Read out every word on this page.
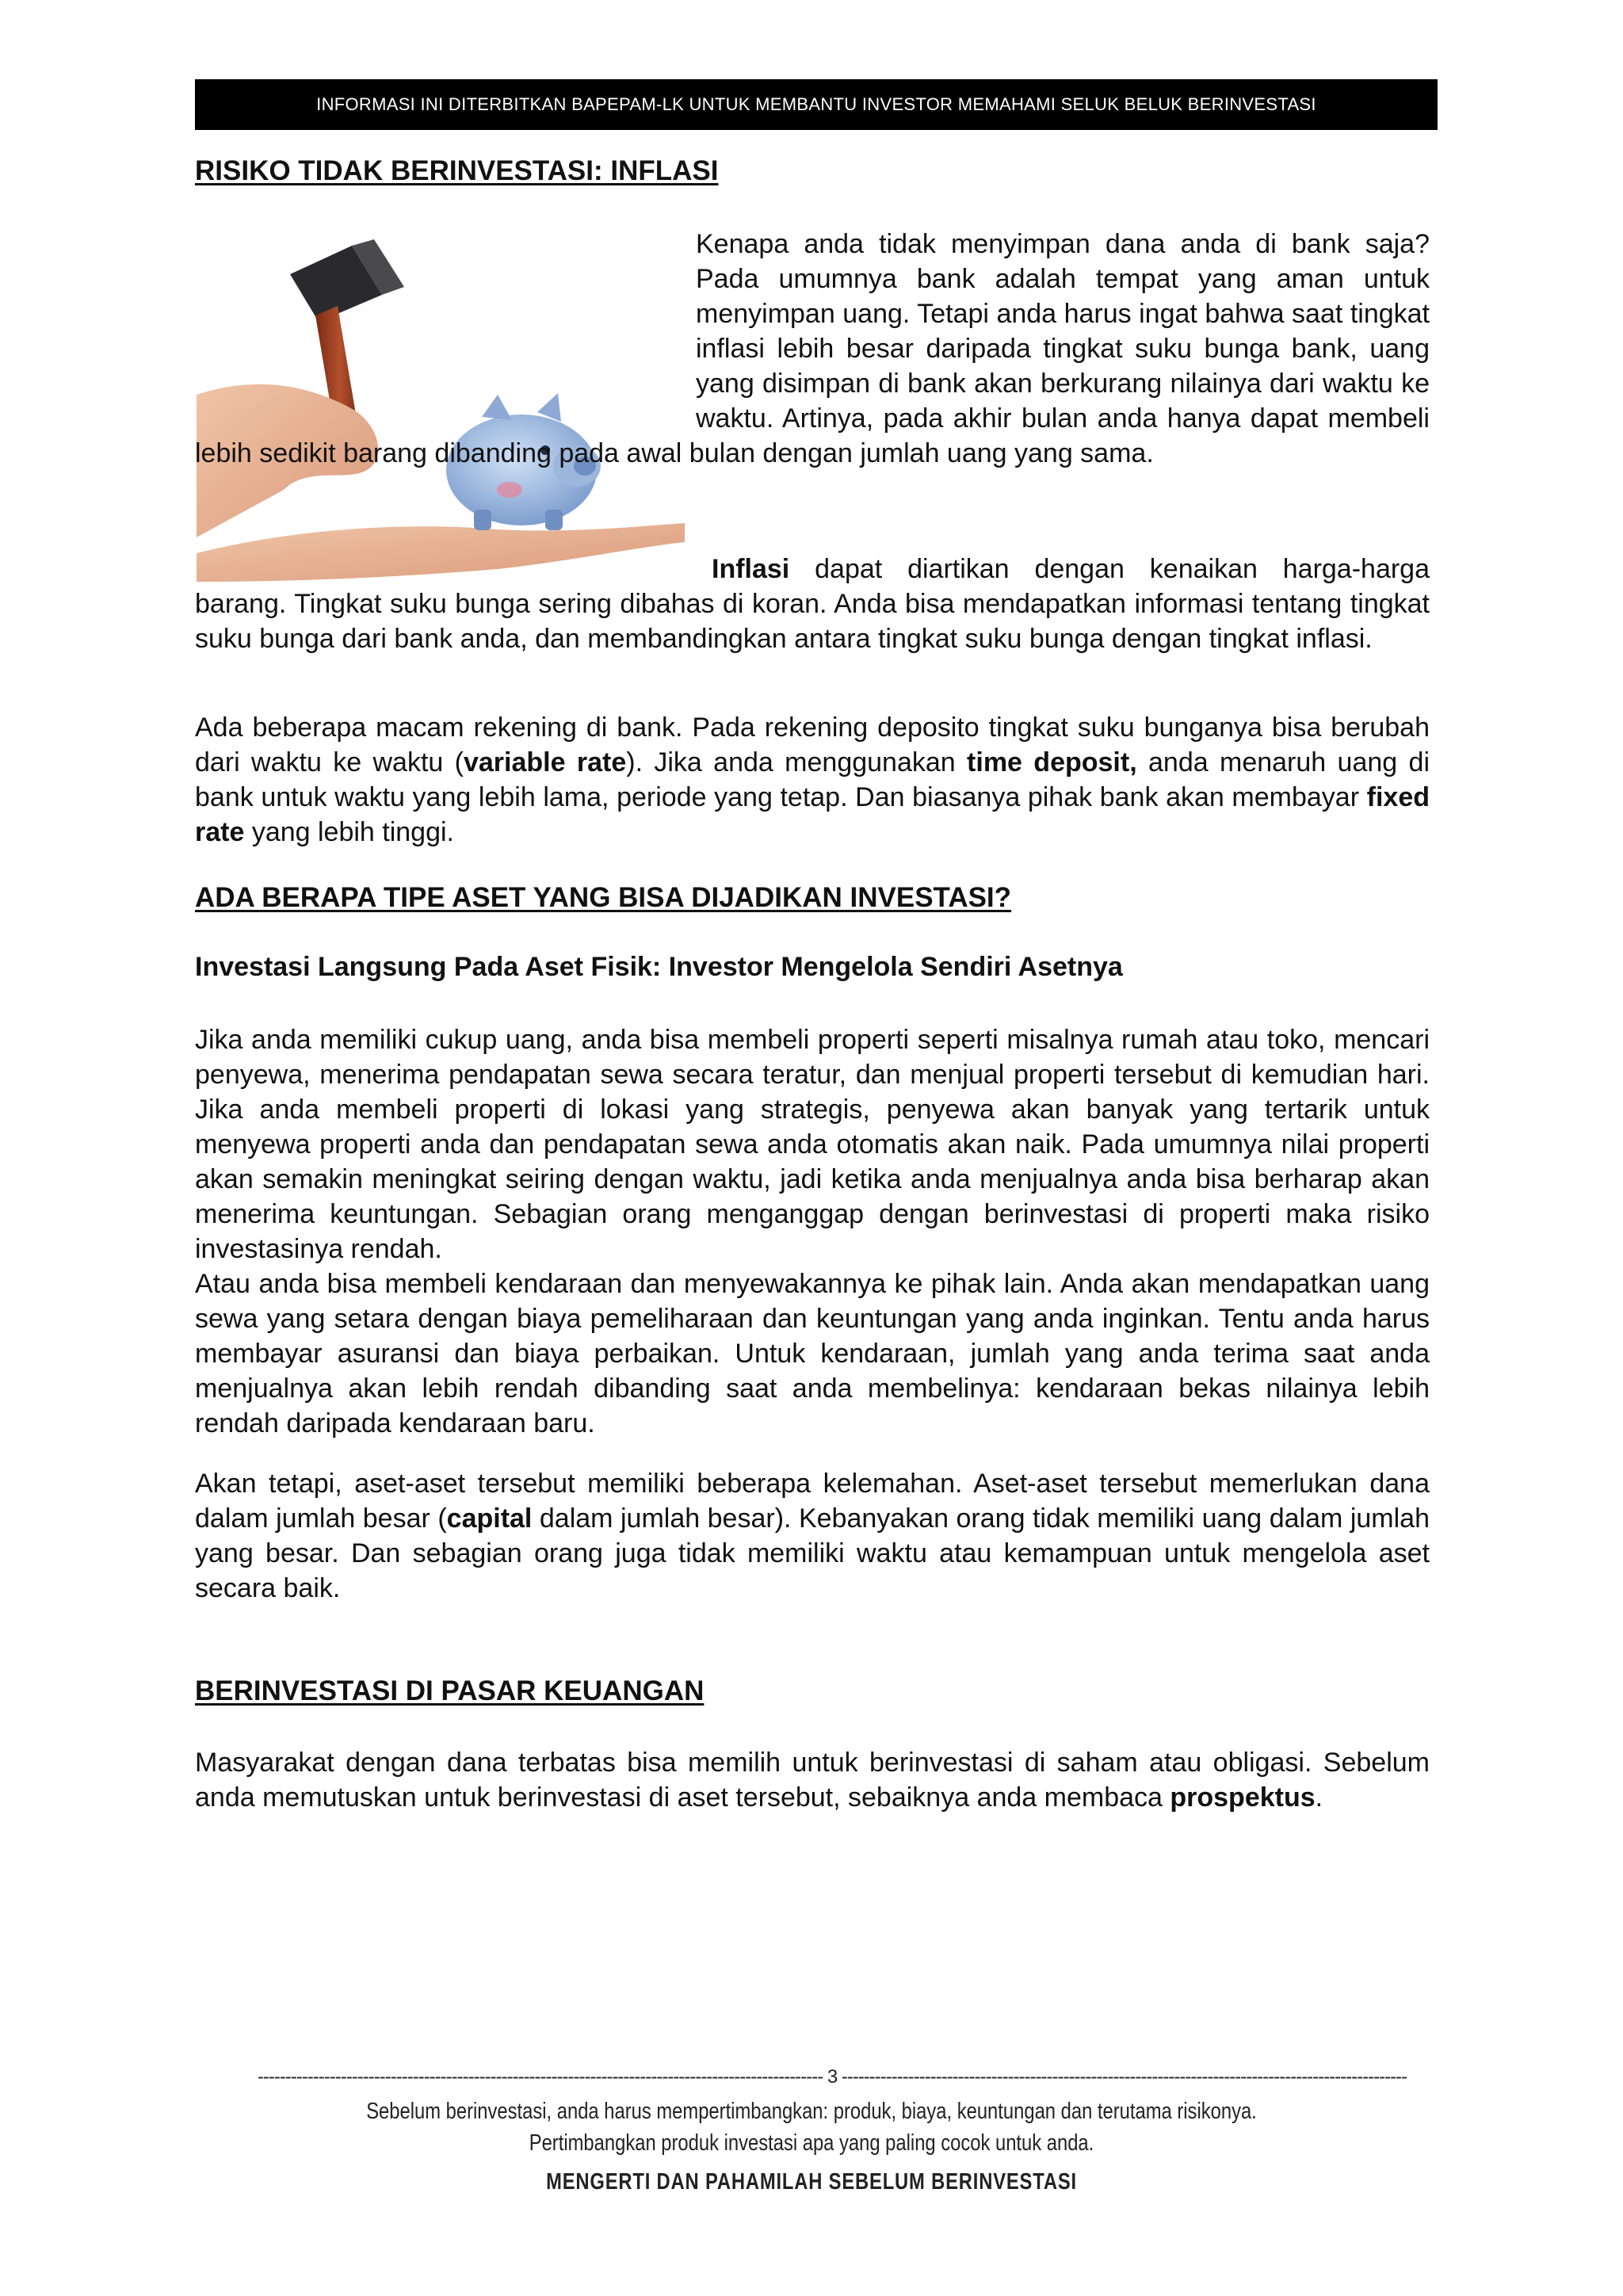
INFORMASI INI DITERBITKAN BAPEPAM-LK UNTUK MEMBANTU INVESTOR MEMAHAMI SELUK BELUK BERINVESTASI
RISIKO TIDAK BERINVESTASI: INFLASI
Kenapa anda tidak menyimpan dana anda di bank saja? Pada umumnya bank adalah tempat yang aman untuk menyimpan uang. Tetapi anda harus ingat bahwa saat tingkat inflasi lebih besar daripada tingkat suku bunga bank, uang yang disimpan di bank akan berkurang nilainya dari waktu ke waktu. Artinya, pada akhir bulan anda hanya dapat membeli lebih sedikit barang dibanding pada awal bulan dengan jumlah uang yang sama.
Inflasi dapat diartikan dengan kenaikan harga-harga barang. Tingkat suku bunga sering dibahas di koran. Anda bisa mendapatkan informasi tentang tingkat suku bunga dari bank anda, dan membandingkan antara tingkat suku bunga dengan tingkat inflasi.
Ada beberapa macam rekening di bank. Pada rekening deposito tingkat suku bunganya bisa berubah dari waktu ke waktu (variable rate). Jika anda menggunakan time deposit, anda menaruh uang di bank untuk waktu yang lebih lama, periode yang tetap. Dan biasanya pihak bank akan membayar fixed rate yang lebih tinggi.
ADA BERAPA TIPE ASET YANG BISA DIJADIKAN INVESTASI?
Investasi Langsung Pada Aset Fisik: Investor Mengelola Sendiri Asetnya
Jika anda memiliki cukup uang, anda bisa membeli properti seperti misalnya rumah atau toko, mencari penyewa, menerima pendapatan sewa secara teratur, dan menjual properti tersebut di kemudian hari. Jika anda membeli properti di lokasi yang strategis, penyewa akan banyak yang tertarik untuk menyewa properti anda dan pendapatan sewa anda otomatis akan naik. Pada umumnya nilai properti akan semakin meningkat seiring dengan waktu, jadi ketika anda menjualnya anda bisa berharap akan menerima keuntungan. Sebagian orang menganggap dengan berinvestasi di properti maka risiko investasinya rendah.
Atau anda bisa membeli kendaraan dan menyewakannya ke pihak lain. Anda akan mendapatkan uang sewa yang setara dengan biaya pemeliharaan dan keuntungan yang anda inginkan. Tentu anda harus membayar asuransi dan biaya perbaikan. Untuk kendaraan, jumlah yang anda terima saat anda menjualnya akan lebih rendah dibanding saat anda membelinya: kendaraan bekas nilainya lebih rendah daripada kendaraan baru.
Akan tetapi, aset-aset tersebut memiliki beberapa kelemahan. Aset-aset tersebut memerlukan dana dalam jumlah besar (capital dalam jumlah besar). Kebanyakan orang tidak memiliki uang dalam jumlah yang besar. Dan sebagian orang juga tidak memiliki waktu atau kemampuan untuk mengelola aset secara baik.
BERINVESTASI DI PASAR KEUANGAN
Masyarakat dengan dana terbatas bisa memilih untuk berinvestasi di saham atau obligasi. Sebelum anda memutuskan untuk berinvestasi di aset tersebut, sebaiknya anda membaca prospektus.
------------------------------------------------------------------------------------------------------ 3 ------------------------------------------------------------------------------------------------------
Sebelum berinvestasi, anda harus mempertimbangkan: produk, biaya, keuntungan dan terutama risikonya.
Pertimbangkan produk investasi apa yang paling cocok untuk anda.
MENGERTI DAN PAHAMILAH SEBELUM BERINVESTASI
